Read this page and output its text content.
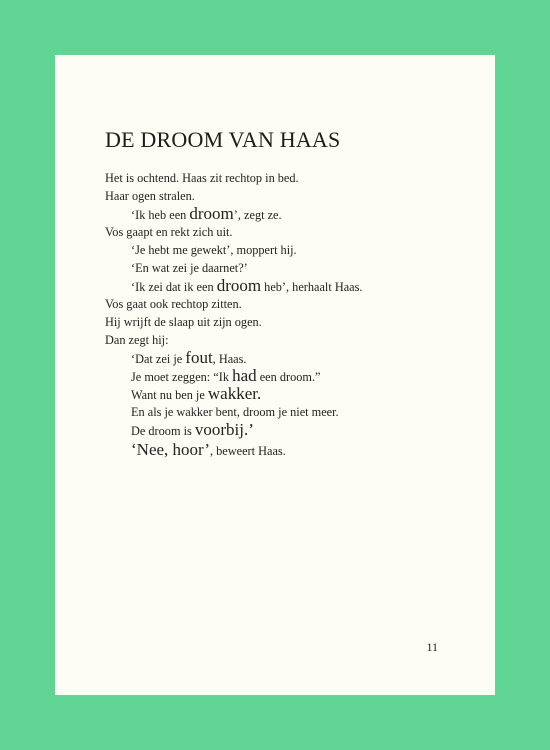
DE DROOM VAN HAAS
Het is ochtend. Haas zit rechtop in bed.
Haar ogen stralen.
‘Ik heb een droom’, zegt ze.
Vos gaapt en rekt zich uit.
‘Je hebt me gewekt’, moppert hij.
‘En wat zei je daarnet?’
‘Ik zei dat ik een droom heb’, herhaalt Haas.
Vos gaat ook rechtop zitten.
Hij wrijft de slaap uit zijn ogen.
Dan zegt hij:
‘Dat zei je fout, Haas.
Je moet zeggen: “Ik had een droom.”
Want nu ben je wakker.
En als je wakker bent, droom je niet meer.
De droom is voorbij.’
‘Nee, hoor’, beweert Haas.
11
